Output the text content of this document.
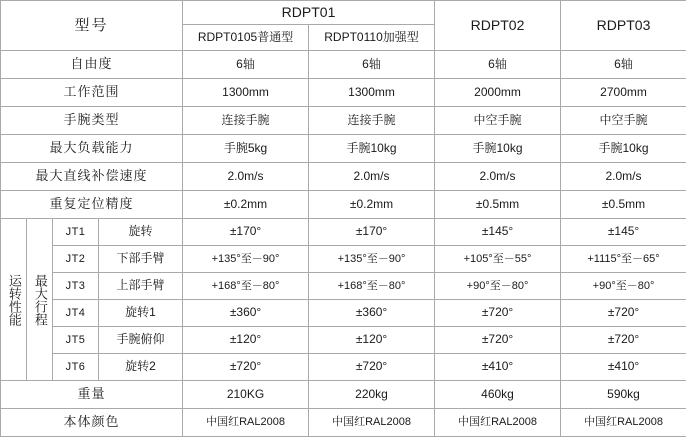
型号				RDPT01		RDPT02	RDPT03
				RDPT0105普通型	RDPT0110加强型		
自由度				6轴	6轴	6轴	6轴
工作范围				1300mm	1300mm	2000mm	2700mm
手腕类型				连接手腕	连接手腕	中空手腕	中空手腕
最大负载能力				手腕5kg	手腕10kg	手腕10kg	手腕10kg
最大直线补偿速度				2.0m/s	2.0m/s	2.0m/s	2.0m/s
重复定位精度				±0.2mm	±0.2mm	±0.5mm	±0.5mm

运转性能	最大行程	JT1	旋转	±170°	±170°	±145°	±145°
		JT2	下部手臂	+135°至－90°	+135°至－90°	+105°至－55°	+1115°至－65°
		JT3	上部手臂	+168°至－80°	+168°至－80°	+90°至－80°	+90°至－80°
		JT4	旋转1	±360°	±360°	±720°	±720°
		JT5	手腕俯仰	±120°	±120°	±720°	±720°
		JT6	旋转2	±720°	±720°	±410°	±410°
重量				210KG	220kg	460kg	590kg
本体颜色				中国红RAL2008	中国红RAL2008	中国红RAL2008	中国红RAL2008
